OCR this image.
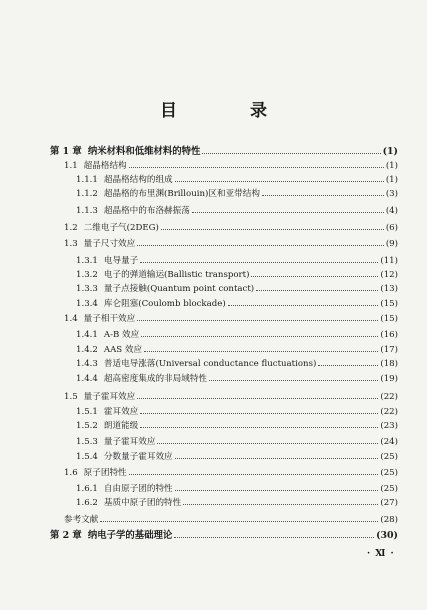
目　录
第 1 章 纳米材料和低维材料的特性	(1)
1.1 超晶格结构	(1)
1.1.1 超晶格结构的组成	(1)
1.1.2 超晶格的布里渊(Brillouin)区和亚带结构	(3)
1.1.3 超晶格中的布洛赫振荡	(4)
1.2 二维电子气(2DEG)	(6)
1.3 量子尺寸效应	(9)
1.3.1 电导量子	(11)
1.3.2 电子的弹道输运(Ballistic transport)	(12)
1.3.3 量子点接触(Quantum point contact)	(13)
1.3.4 库仑阻塞(Coulomb blockade)	(15)
1.4 量子相干效应	(15)
1.4.1 A-B 效应	(16)
1.4.2 AAS 效应	(17)
1.4.3 普适电导涨落(Universal conductance fluctuations)	(18)
1.4.4 超高密度集成的非局域特性	(19)
1.5 量子霍耳效应	(22)
1.5.1 霍耳效应	(22)
1.5.2 朗道能级	(23)
1.5.3 量子霍耳效应	(24)
1.5.4 分数量子霍耳效应	(25)
1.6 原子团特性	(25)
1.6.1 自由原子团的特性	(25)
1.6.2 基质中原子团的特性	(27)
参考文献	(28)
第 2 章 纳电子学的基础理论	(30)
· Ⅺ ·
